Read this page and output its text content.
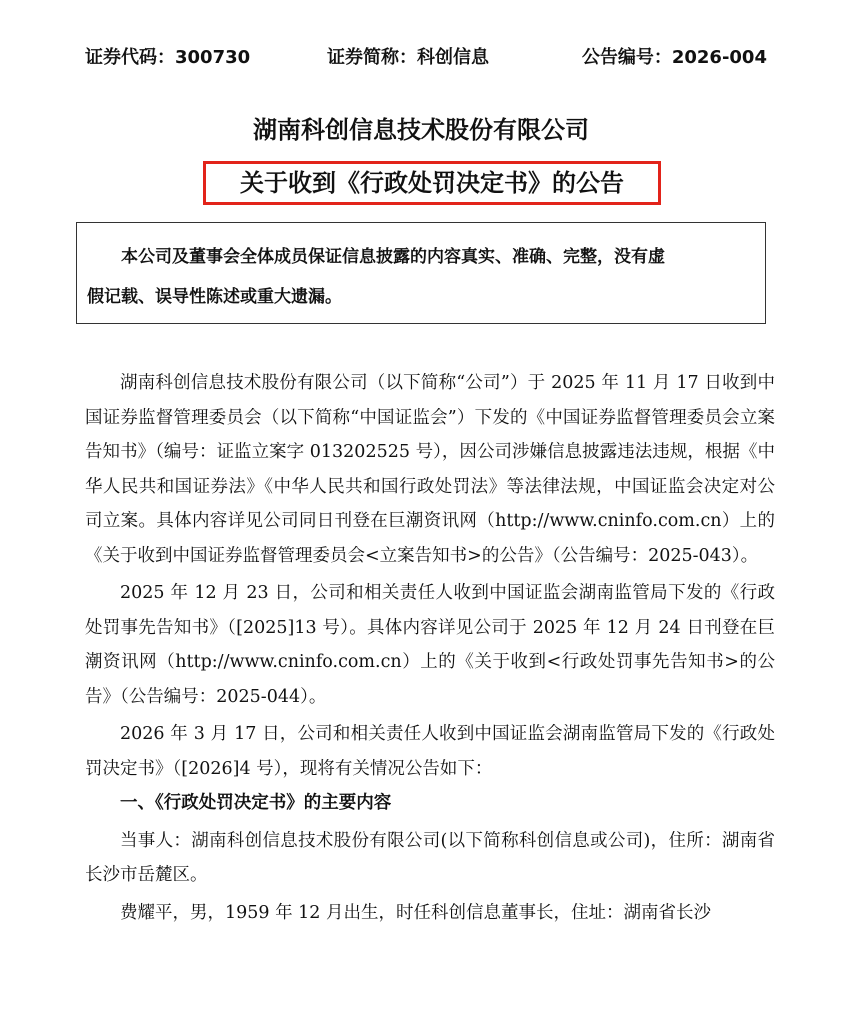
证券代码：300730	证券简称：科创信息	公告编号：2026-004
湖南科创信息技术股份有限公司
关于收到《行政处罚决定书》的公告
本公司及董事会全体成员保证信息披露的内容真实、准确、完整，没有虚
假记载、误导性陈述或重大遗漏。

湖南科创信息技术股份有限公司（以下简称“公司”）于 2025 年 11 月 17 日收到中国证券监督管理委员会（以下简称“中国证监会”）下发的《中国证券监督管理委员会立案告知书》（编号：证监立案字 013202525 号），因公司涉嫌信息披露违法违规，根据《中华人民共和国证券法》《中华人民共和国行政处罚法》等法律法规，中国证监会决定对公司立案。具体内容详见公司同日刊登在巨潮资讯网（http://www.cninfo.com.cn）上的《关于收到中国证券监督管理委员会<立案告知书>的公告》（公告编号：2025-043）。

2025 年 12 月 23 日，公司和相关责任人收到中国证监会湖南监管局下发的《行政处罚事先告知书》（[2025]13 号）。具体内容详见公司于 2025 年 12 月 24 日刊登在巨潮资讯网（http://www.cninfo.com.cn）上的《关于收到<行政处罚事先告知书>的公告》（公告编号：2025-044）。

2026 年 3 月 17 日，公司和相关责任人收到中国证监会湖南监管局下发的《行政处罚决定书》（[2026]4 号），现将有关情况公告如下：

一、《行政处罚决定书》的主要内容

当事人：湖南科创信息技术股份有限公司(以下简称科创信息或公司)，住所：湖南省长沙市岳麓区。

费耀平，男，1959 年 12 月出生，时任科创信息董事长，住址：湖南省长沙
